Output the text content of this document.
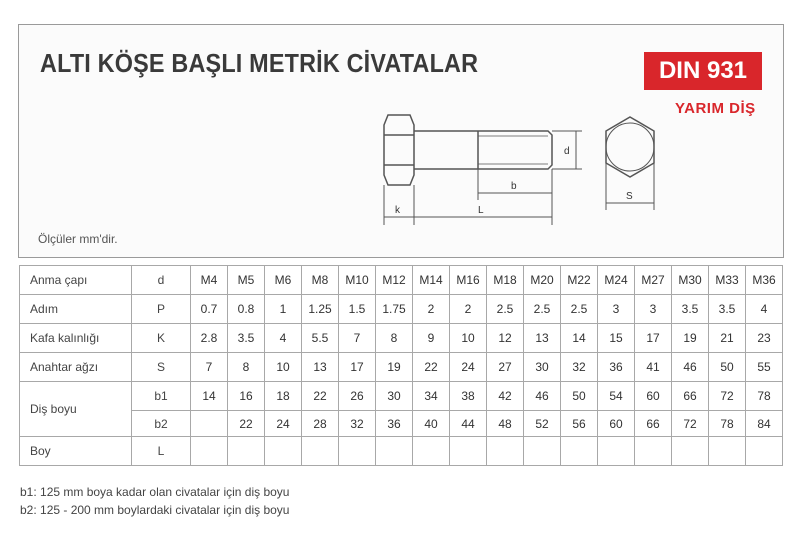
ALTI KÖŞE BAŞLI METRİK CİVATALAR	DIN 931
YARIM DİŞ
d
k
b
L
S
Ölçüler mm'dir.
Anma çapı	d	M4	M5	M6	M8	M10	M12	M14	M16	M18	M20	M22	M24	M27	M30	M33	M36
Adım	P	0.7	0.8	1	1.25	1.5	1.75	2	2	2.5	2.5	2.5	3	3	3.5	3.5	4
Kafa kalınlığı	K	2.8	3.5	4	5.5	7	8	9	10	12	13	14	15	17	19	21	23
Anahtar ağzı	S	7	8	10	13	17	19	22	24	27	30	32	36	41	46	50	55
Diş boyu	b1	14	16	18	22	26	30	34	38	42	46	50	54	60	66	72	78
	b2		22	24	28	32	36	40	44	48	52	56	60	66	72	78	84
Boy	L																
b1: 125 mm boya kadar olan civatalar için diş boyu
b2: 125 - 200 mm boylardaki civatalar için diş boyu
